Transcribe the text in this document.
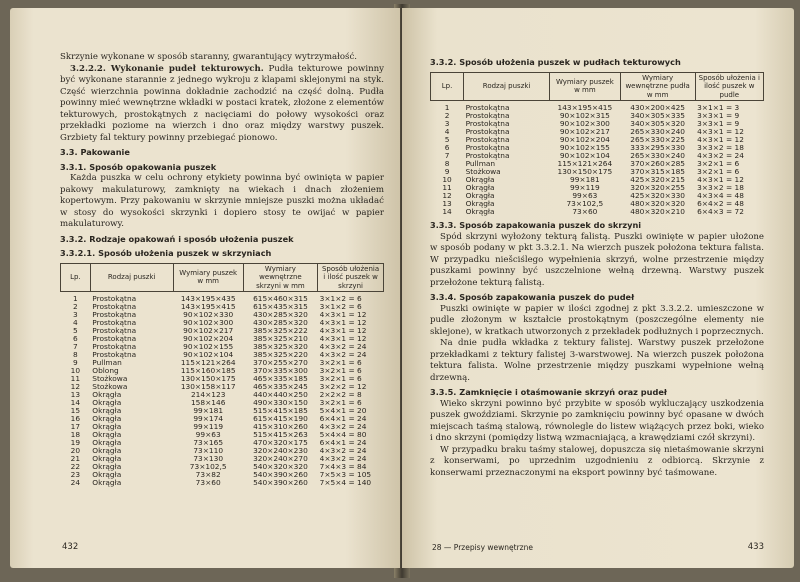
Skrzynie wykonane w sposób staranny, gwarantujący wytrzymałość.

3.2.2.2. Wykonanie pudeł tekturowych. Pudła tekturowe powinny być wykonane starannie z jednego wykroju z klapami sklejonymi na styk. Część wierzchnia powinna dokładnie zachodzić na część dolną. Pudła powinny mieć wewnętrzne wkładki w postaci kratek, złożone z elementów tekturowych, prostokątnych z nacięciami do połowy wysokości oraz przekładki poziome na wierzch i dno oraz między warstwy puszek. Grzbiety fal tektury powinny przebiegać pionowo.

3.3. Pakowanie
3.3.1. Sposób opakowania puszek

Każda puszka w celu ochrony etykiety powinna być owinięta w papier pakowy makulaturowy, zamknięty na wiekach i dnach złożeniem kopertowym. Przy pakowaniu w skrzynie mniejsze puszki można układać w stosy do wysokości skrzynki i dopiero stosy te owijać w papier makulaturowy.

3.3.2. Rodzaje opakowań i sposób ułożenia puszek
3.3.2.1. Sposób ułożenia puszek w skrzyniach
Lp.	Rodzaj puszki	Wymiary puszek w mm	Wymiary wewnętrzne skrzyni w mm	Sposób ułożenia i ilość puszek w skrzyni
1	Prostokątna	143×195×435	615×460×315	3×1×2 = 6
2	Prostokątna	143×195×415	615×435×315	3×1×2 = 6
3	Prostokątna	90×102×330	430×285×320	4×3×1 = 12
4	Prostokątna	90×102×300	430×285×320	4×3×1 = 12
5	Prostokątna	90×102×217	385×325×222	4×3×1 = 12
6	Prostokątna	90×102×204	385×325×210	4×3×1 = 12
7	Prostokątna	90×102×155	385×325×320	4×3×2 = 24
8	Prostokątna	90×102×104	385×325×220	4×3×2 = 24
9	Pullman	115×121×264	370×255×270	3×2×1 = 6
10	Oblong	115×160×185	370×335×300	3×2×1 = 6
11	Stożkowa	130×150×175	465×335×185	3×2×1 = 6
12	Stożkowa	130×158×117	465×335×245	3×2×2 = 12
13	Okrągła	214×123	440×440×250	2×2×2 = 8
14	Okrągła	158×146	490×330×150	3×2×1 = 6
15	Okrągła	99×181	515×415×185	5×4×1 = 20
16	Okrągła	99×174	615×415×190	6×4×1 = 24
17	Okrągła	99×119	415×310×260	4×3×2 = 24
18	Okrągła	99×63	515×415×263	5×4×4 = 80
19	Okrągła	73×165	470×320×175	6×4×1 = 24
20	Okrągła	73×110	320×240×230	4×3×2 = 24
21	Okrągła	73×130	320×240×270	4×3×2 = 24
22	Okrągła	73×102,5	540×320×320	7×4×3 = 84
23	Okrągła	73×82	540×390×260	7×5×3 = 105
24	Okrągła	73×60	540×390×260	7×5×4 = 140
432
3.3.2. Sposób ułożenia puszek w pudłach tekturowych
Lp.	Rodzaj puszki	Wymiary puszek w mm	Wymiary wewnętrzne pudła w mm	Sposób ułożenia i ilość puszek w pudle
1	Prostokątna	143×195×415	430×200×425	3×1×1 = 3
2	Prostokątna	90×102×315	340×305×335	3×3×1 = 9
3	Prostokątna	90×102×300	340×305×320	3×3×1 = 9
4	Prostokątna	90×102×217	265×330×240	4×3×1 = 12
5	Prostokątna	90×102×204	265×330×225	4×3×1 = 12
6	Prostokątna	90×102×155	333×295×330	3×3×2 = 18
7	Prostokątna	90×102×104	265×330×240	4×3×2 = 24
8	Pullman	115×121×264	370×260×285	3×2×1 = 6
9	Stożkowa	130×150×175	370×315×185	3×2×1 = 6
10	Okrągła	99×181	425×320×215	4×3×1 = 12
11	Okrągła	99×119	320×320×255	3×3×2 = 18
12	Okrągła	99×63	425×320×330	4×3×4 = 48
13	Okrągła	73×102,5	480×320×320	6×4×2 = 48
14	Okrągła	73×60	480×320×210	6×4×3 = 72
3.3.3. Sposób zapakowania puszek do skrzyni

Spód skrzyni wyłożony tekturą falistą. Puszki owinięte w papier ułożone w sposób podany w pkt 3.3.2.1. Na wierzch puszek położona tektura falista. W przypadku niešciślego wypełnienia skrzyń, wolne przestrzenie między puszkami powinny być uszczelnione wełną drzewną. Warstwy puszek przełożone tekturą falistą.

3.3.4. Sposób zapakowania puszek do pudeł

Puszki owinięte w papier w ilości zgodnej z pkt 3.3.2.2. umieszczone w pudle złożonym w kształcie prostokątnym (poszczególne elementy nie sklejone), w kratkach utworzonych z przekładek podłużnych i poprzecznych.

Na dnie pudła wkładka z tektury falistej. Warstwy puszek przełożone przekładkami z tektury falistej 3-warstwowej. Na wierzch puszek położona tektura falista. Wolne przestrzenie między puszkami wypełnione wełną drzewną.

3.3.5. Zamknięcie i otaśmowanie skrzyń oraz pudeł

Wieko skrzyni powinno być przybite w sposób wykluczający uszkodzenia puszek gwoździami. Skrzynie po zamknięciu powinny być opasane w dwóch miejscach taśmą stalową, równolegle do listew wiążących przez boki, wieko i dno skrzyni (pomiędzy listwą wzmacniającą, a krawędziami czół skrzyni).

W przypadku braku taśmy stalowej, dopuszcza się nietaśmowanie skrzyni z konserwami, po uprzednim uzgodnieniu z odbiorcą. Skrzynie z konserwami przeznaczonymi na eksport powinny być taśmowane.

28 — Przepisy wewnętrzne	433
